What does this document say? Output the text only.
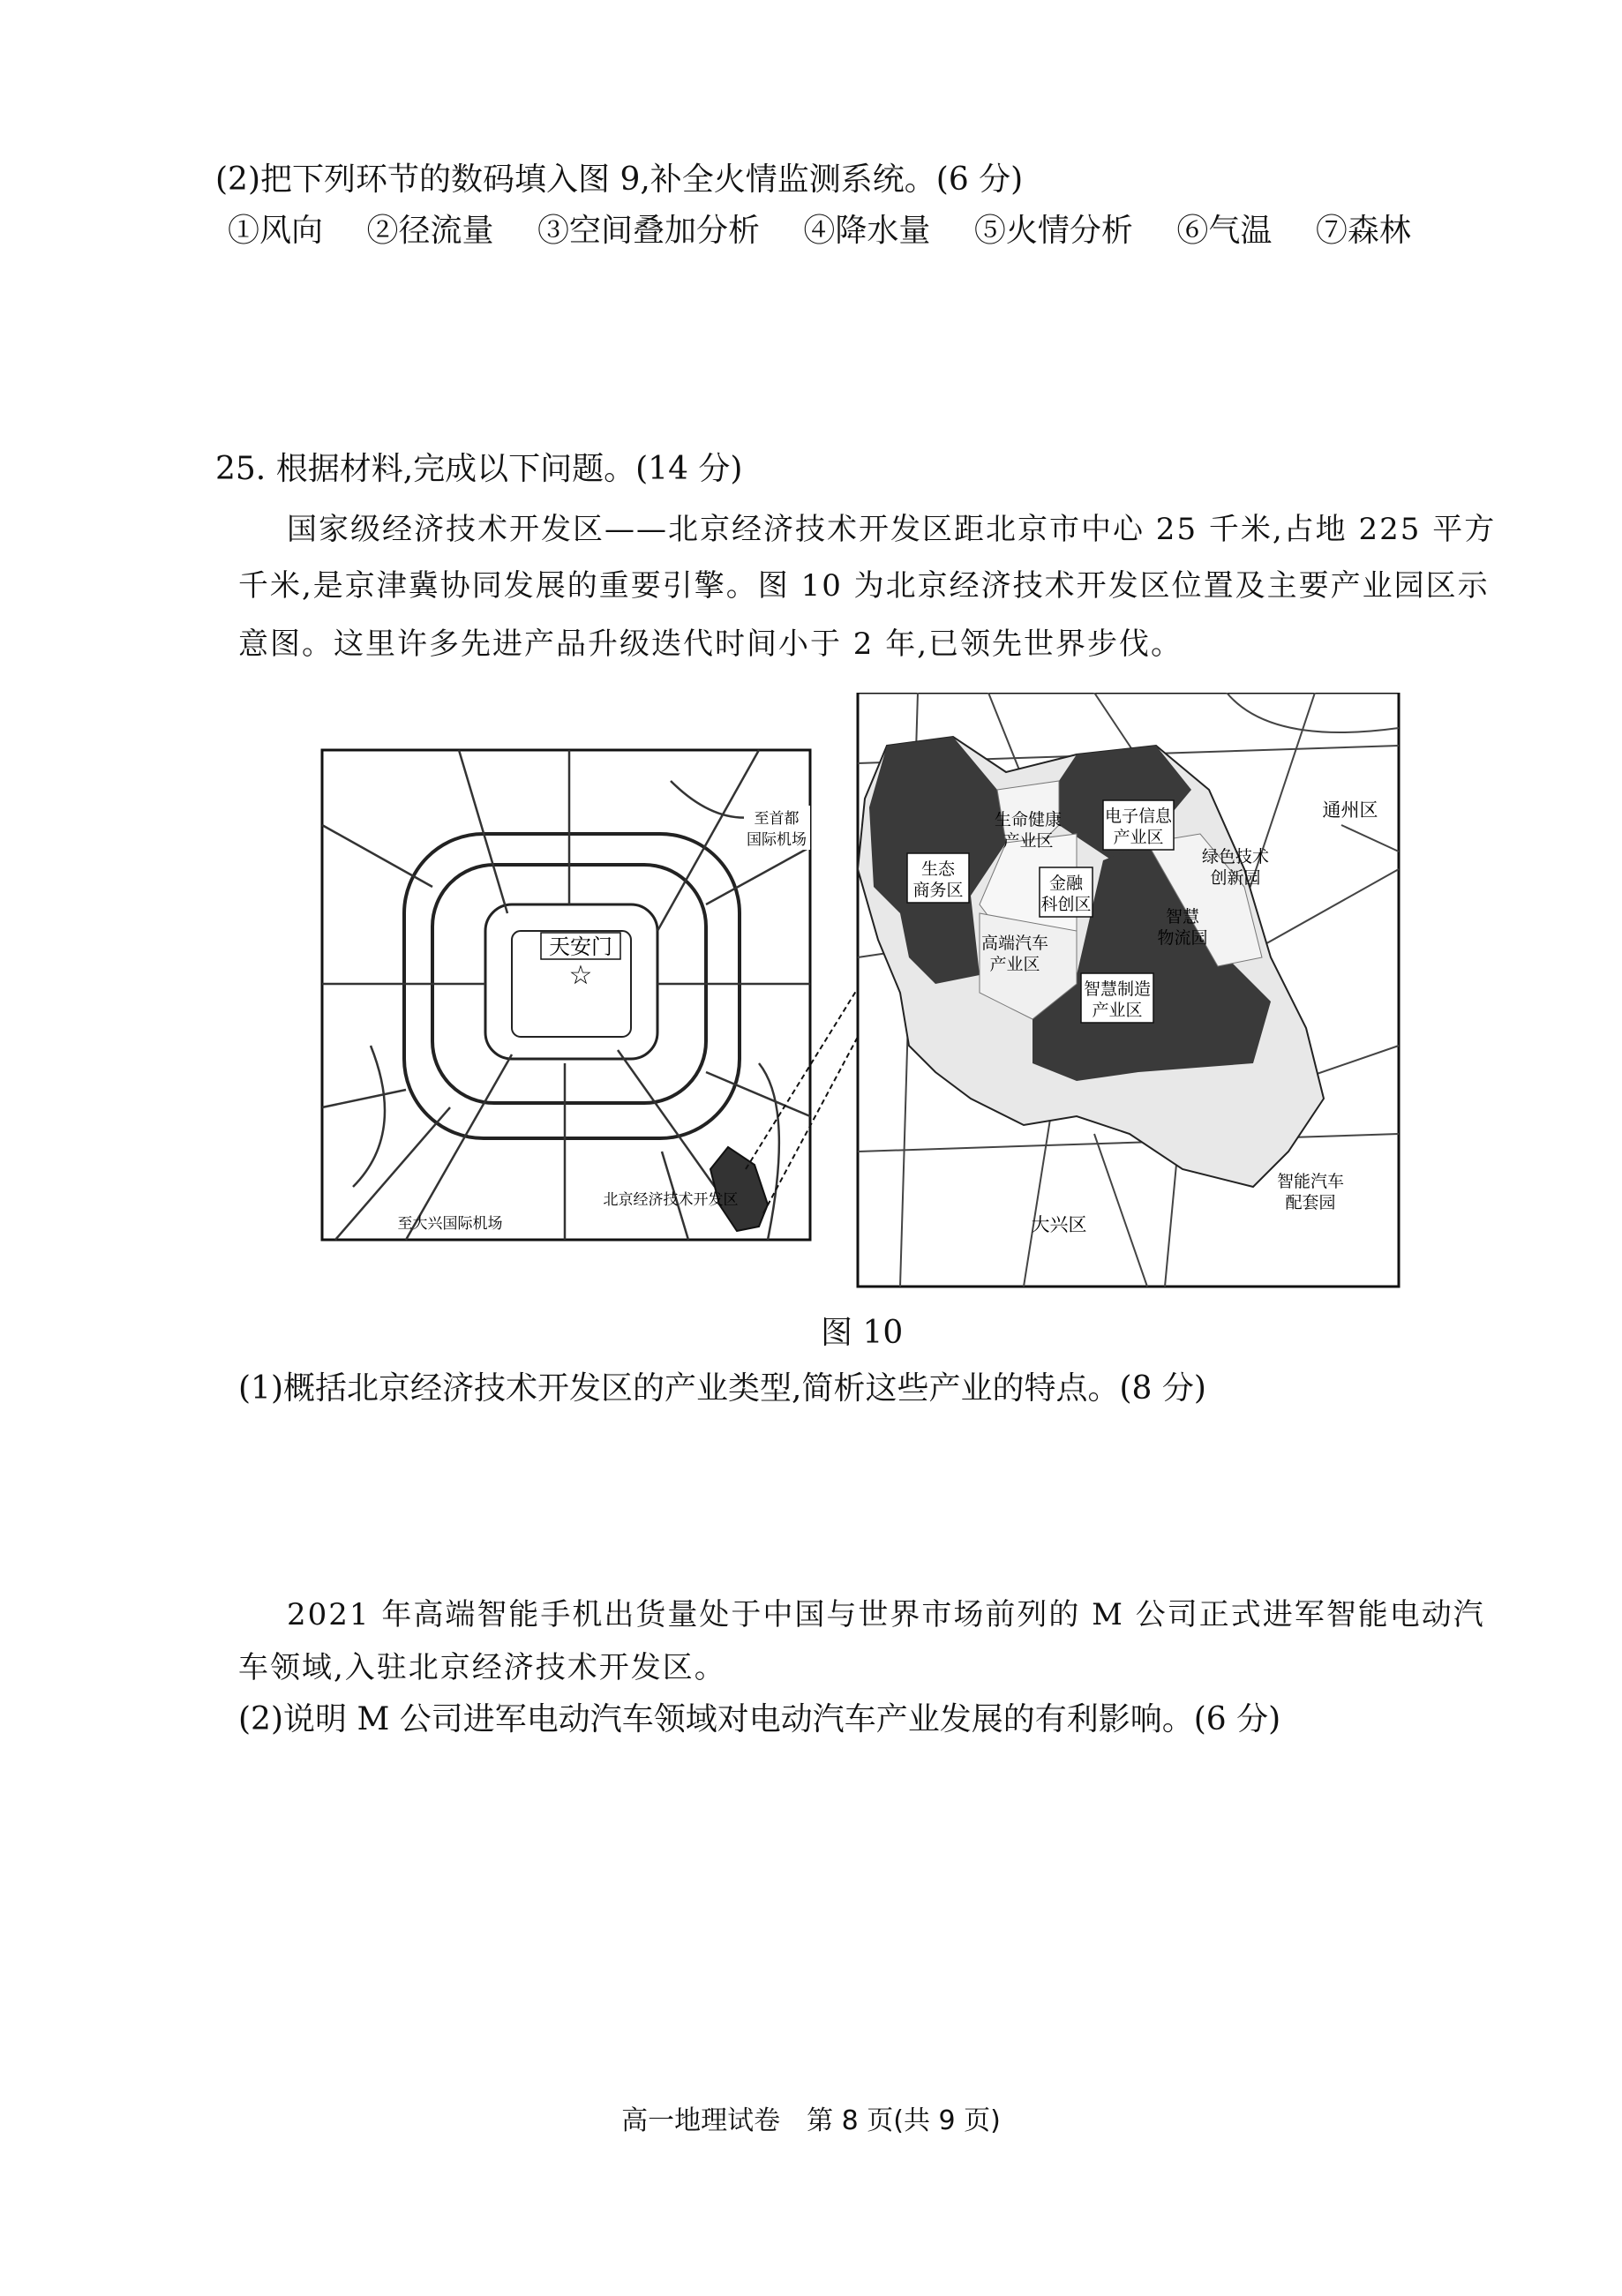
(2)把下列环节的数码填入图 9,补全火情监测系统。(6 分)
①风向 ②径流量 ③空间叠加分析 ④降水量 ⑤火情分析 ⑥气温 ⑦森林
25. 根据材料,完成以下问题。(14 分)
国家级经济技术开发区——北京经济技术开发区距北京市中心 25 千米,占地 225 平方
千米,是京津冀协同发展的重要引擎。图 10 为北京经济技术开发区位置及主要产业园区示
意图。这里许多先进产品升级迭代时间小于 2 年,已领先世界步伐。
天安门
☆
至首都
国际机场
北京经济技术开发区
至大兴国际机场
生态
商务区
生命健康
产业区
电子信息
产业区
金融
科创区
绿色技术
创新园
智慧
物流园
高端汽车
产业区
智慧制造
产业区
智能汽车
配套园
通州区
大兴区
图 10
(1)概括北京经济技术开发区的产业类型,简析这些产业的特点。(8 分)
2021 年高端智能手机出货量处于中国与世界市场前列的 M 公司正式进军智能电动汽
车领域,入驻北京经济技术开发区。
(2)说明 M 公司进军电动汽车领域对电动汽车产业发展的有利影响。(6 分)
高一地理试卷　第 8 页(共 9 页)
